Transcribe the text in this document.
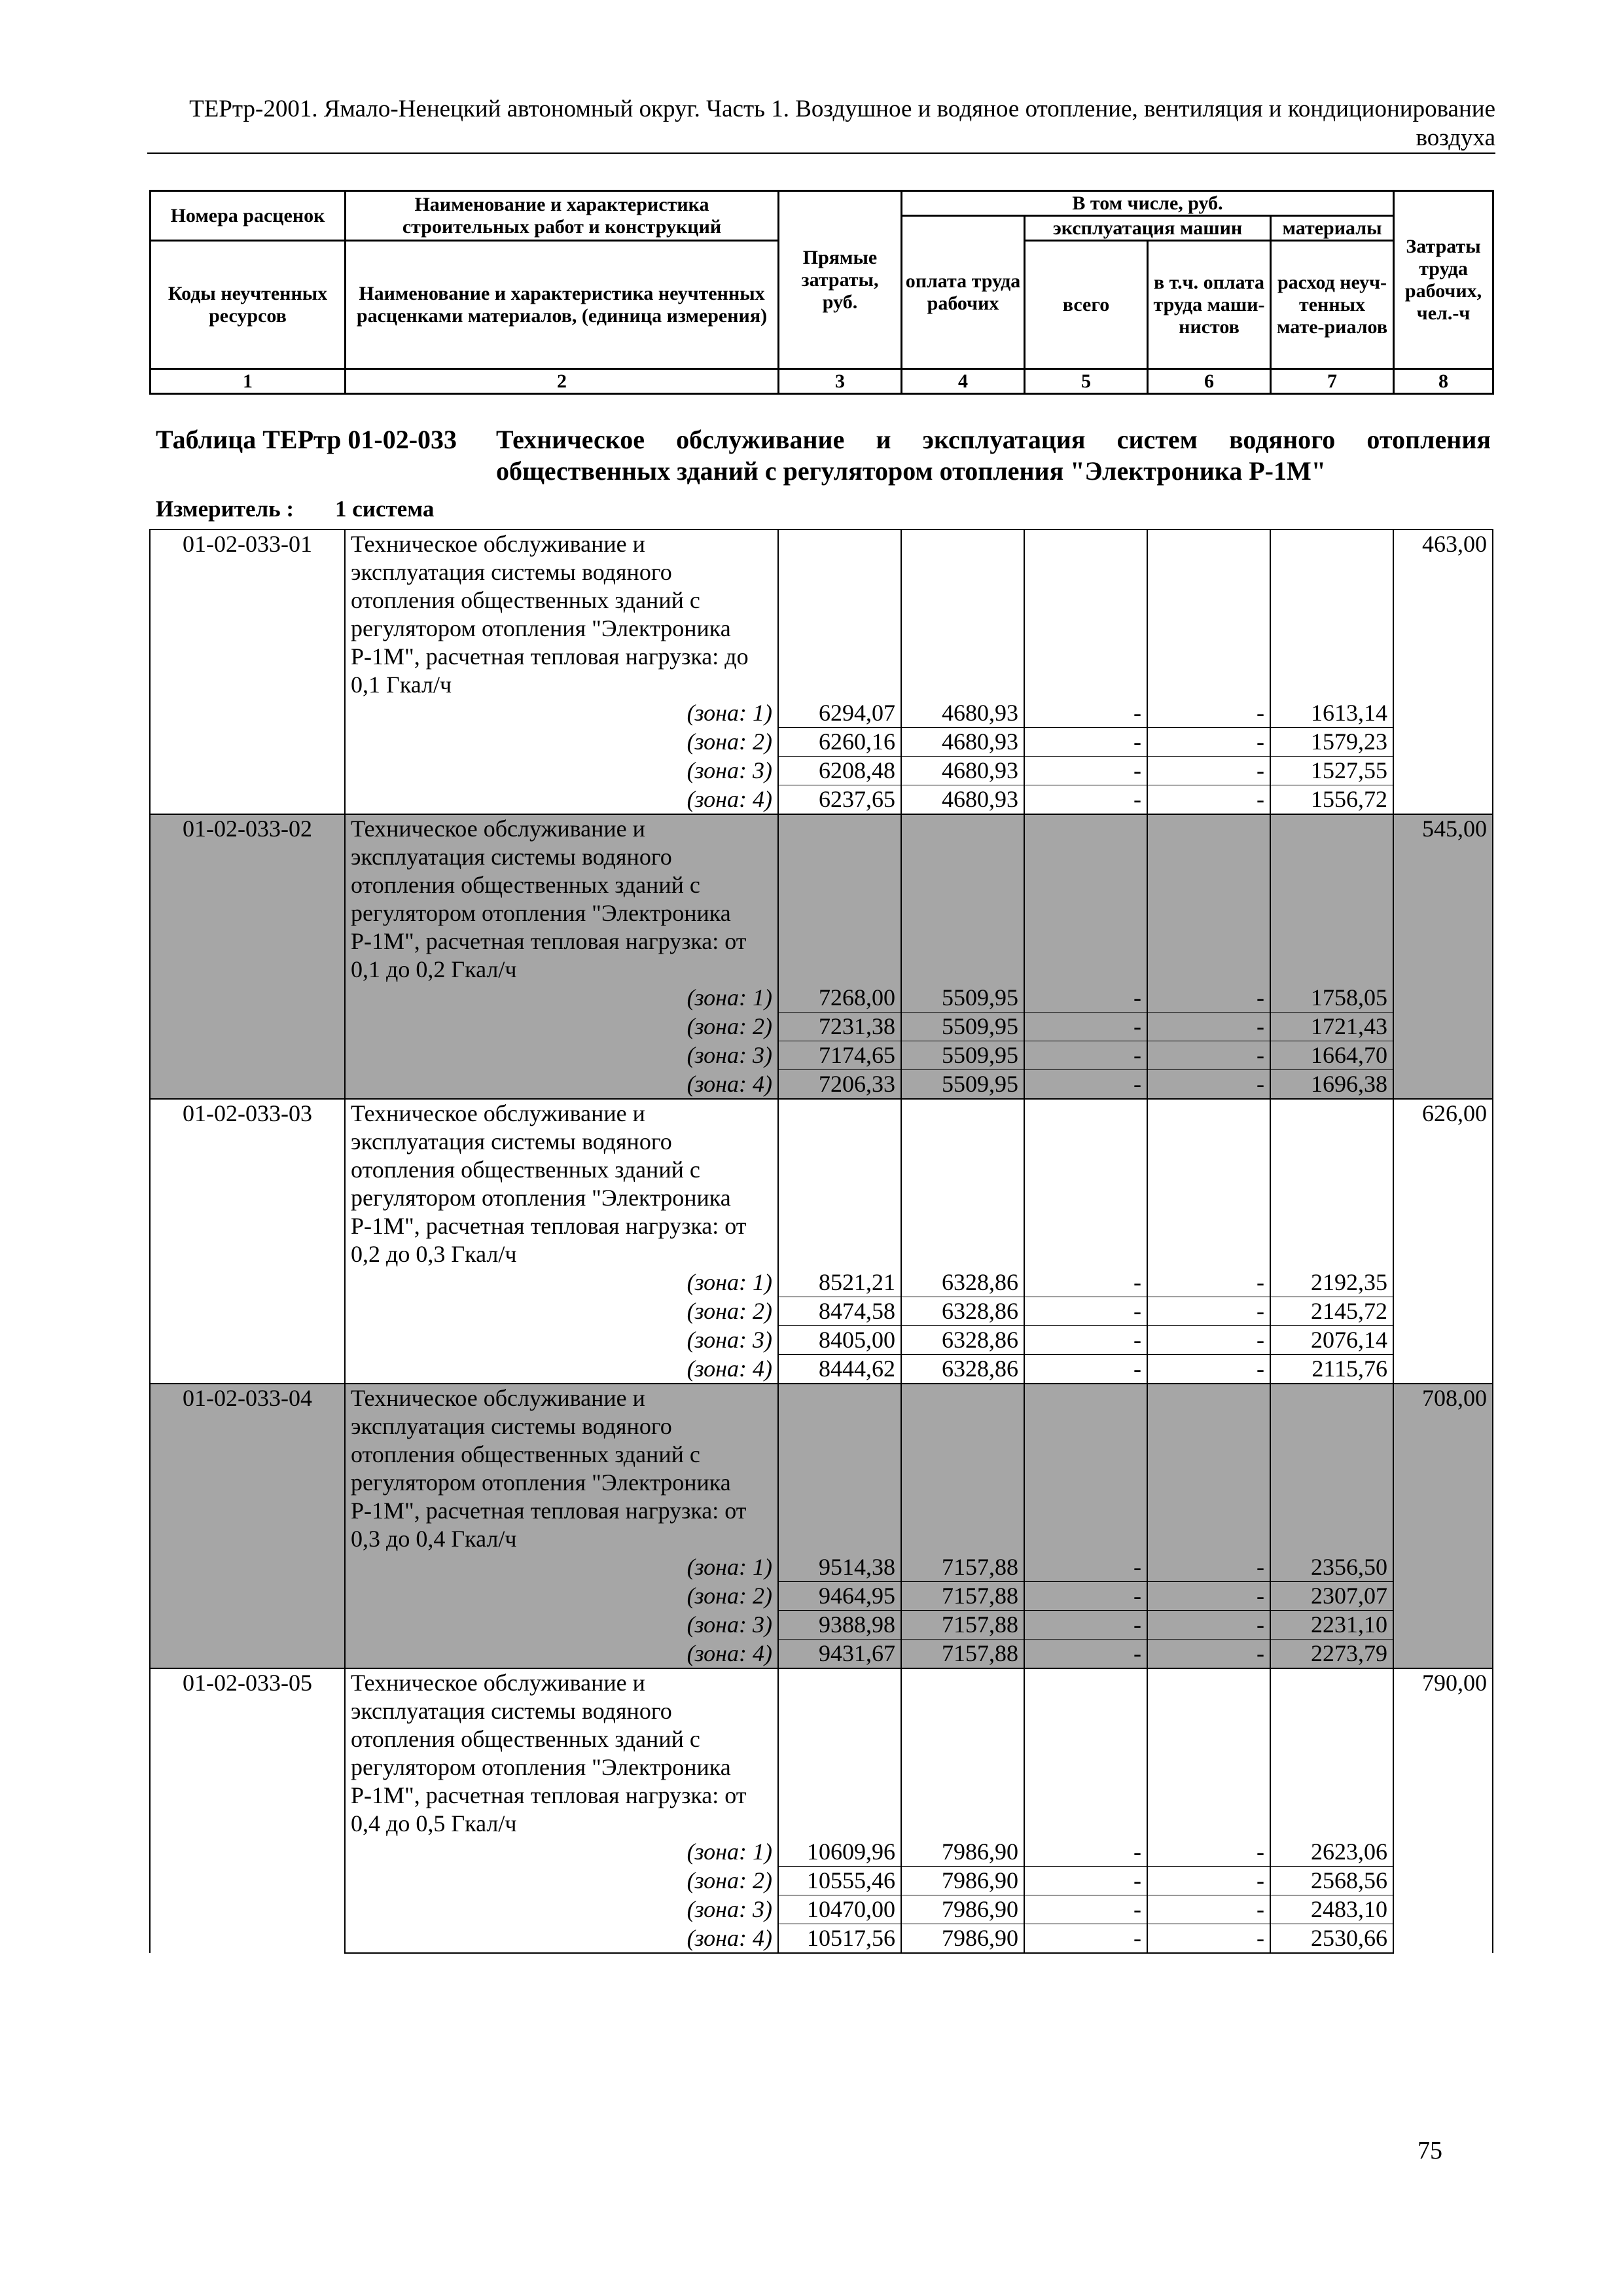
ТЕРтр-2001. Ямало-Ненецкий автономный округ. Часть 1. Воздушное и водяное отопление, вентиляция и кондиционирование воздуха
Номера расценок	Наименование и характеристика строительных работ и конструкций	Прямые затраты, руб.	В том числе, руб.				Затраты труда рабочих, чел.-ч
			оплата труда рабочих	эксплуатация машин		материалы	
Коды неучтенных ресурсов	Наименование и характеристика неучтенных расценками материалов, (единица измерения)			всего	в т.ч. оплата труда маши-нистов	расход неуч-тенных мате-риалов	
1	2	3	4	5	6	7	8
Таблица ТЕРтр 01-02-033 Техническое обслуживание и эксплуатация систем водяного отопления общественных зданий с регулятором отопления "Электроника Р-1М"
Измеритель : 1 система
01-02-033-01	Техническое обслуживание и эксплуатация системы водяного отопления общественных зданий с регулятором отопления "Электроника Р-1М", расчетная тепловая нагрузка: до 0,1 Гкал/ч						463,00
	(зона: 1)	6294,07	4680,93	-	-	1613,14	
	(зона: 2)	6260,16	4680,93	-	-	1579,23	
	(зона: 3)	6208,48	4680,93	-	-	1527,55	
	(зона: 4)	6237,65	4680,93	-	-	1556,72	
01-02-033-02	Техническое обслуживание и эксплуатация системы водяного отопления общественных зданий с регулятором отопления "Электроника Р-1М", расчетная тепловая нагрузка: от 0,1 до 0,2 Гкал/ч						545,00
	(зона: 1)	7268,00	5509,95	-	-	1758,05	
	(зона: 2)	7231,38	5509,95	-	-	1721,43	
	(зона: 3)	7174,65	5509,95	-	-	1664,70	
	(зона: 4)	7206,33	5509,95	-	-	1696,38	
01-02-033-03	Техническое обслуживание и эксплуатация системы водяного отопления общественных зданий с регулятором отопления "Электроника Р-1М", расчетная тепловая нагрузка: от 0,2 до 0,3 Гкал/ч						626,00
	(зона: 1)	8521,21	6328,86	-	-	2192,35	
	(зона: 2)	8474,58	6328,86	-	-	2145,72	
	(зона: 3)	8405,00	6328,86	-	-	2076,14	
	(зона: 4)	8444,62	6328,86	-	-	2115,76	
01-02-033-04	Техническое обслуживание и эксплуатация системы водяного отопления общественных зданий с регулятором отопления "Электроника Р-1М", расчетная тепловая нагрузка: от 0,3 до 0,4 Гкал/ч						708,00
	(зона: 1)	9514,38	7157,88	-	-	2356,50	
	(зона: 2)	9464,95	7157,88	-	-	2307,07	
	(зона: 3)	9388,98	7157,88	-	-	2231,10	
	(зона: 4)	9431,67	7157,88	-	-	2273,79	
01-02-033-05	Техническое обслуживание и эксплуатация системы водяного отопления общественных зданий с регулятором отопления "Электроника Р-1М", расчетная тепловая нагрузка: от 0,4 до 0,5 Гкал/ч						790,00
	(зона: 1)	10609,96	7986,90	-	-	2623,06	
	(зона: 2)	10555,46	7986,90	-	-	2568,56	
	(зона: 3)	10470,00	7986,90	-	-	2483,10	
	(зона: 4)	10517,56	7986,90	-	-	2530,66	
75
